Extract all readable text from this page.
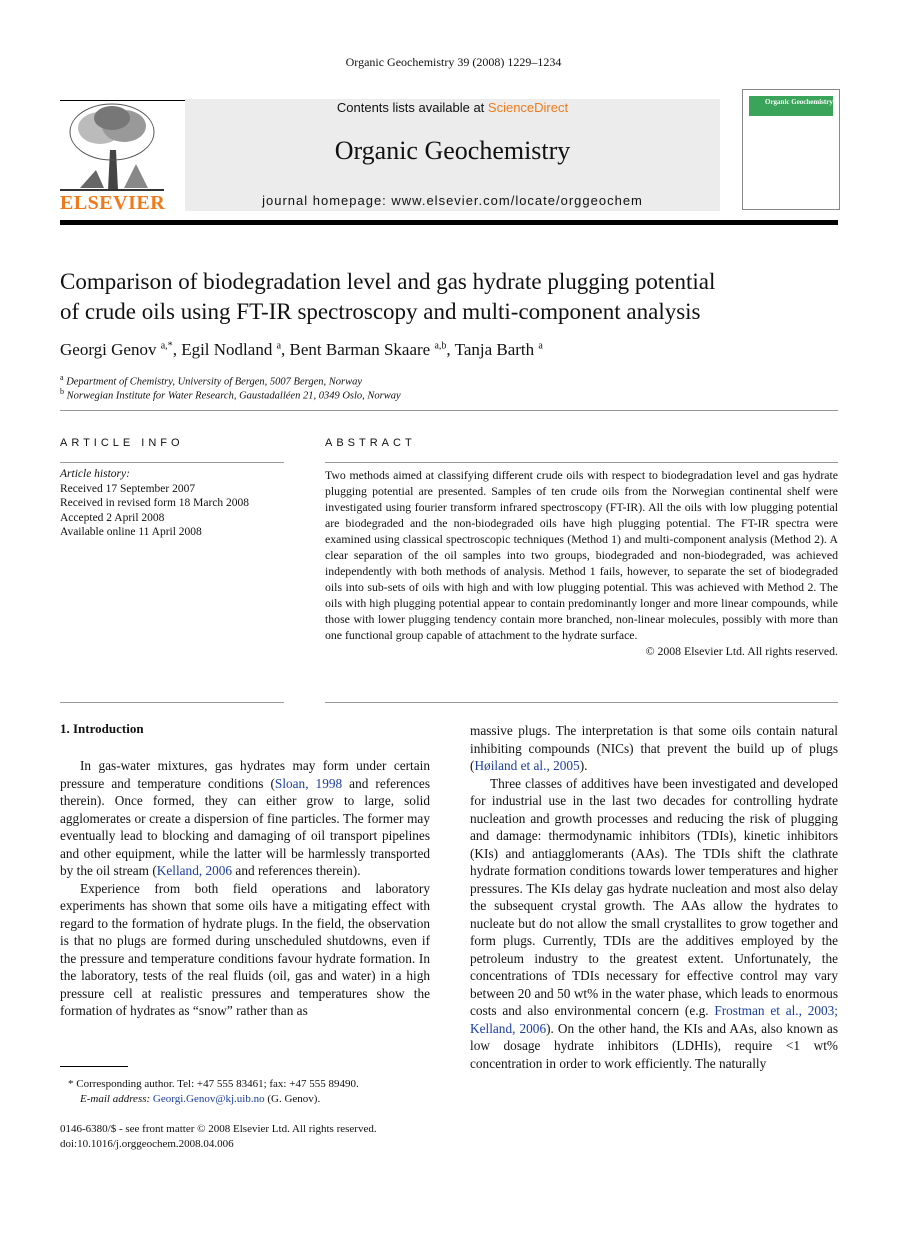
Organic Geochemistry 39 (2008) 1229–1234
ELSEVIER
Contents lists available at ScienceDirect
Organic Geochemistry
journal homepage: www.elsevier.com/locate/orggeochem
Organic Geochemistry
Comparison of biodegradation level and gas hydrate plugging potential
of crude oils using FT-IR spectroscopy and multi-component analysis
Georgi Genov $^{a,*}$, Egil Nodland $^a$, Bent Barman Skaare $^{a,b}$, Tanja Barth $^a$
$^a$ Department of Chemistry, University of Bergen, 5007 Bergen, Norway
$^b$ Norwegian Institute for Water Research, Gaustadalléen 21, 0349 Oslo, Norway
ARTICLE INFO
Article history:
Received 17 September 2007
Received in revised form 18 March 2008
Accepted 2 April 2008
Available online 11 April 2008
ABSTRACT
Two methods aimed at classifying different crude oils with respect to biodegradation level and gas hydrate plugging potential are presented. Samples of ten crude oils from the Norwegian continental shelf were investigated using fourier transform infrared spectroscopy (FT-IR). All the oils with low plugging potential are biodegraded and the non-biodegraded oils have high plugging potential. The FT-IR spectra were examined using classical spectroscopic techniques (Method 1) and multi-component analysis (Method 2). A clear separation of the oil samples into two groups, biodegraded and non-biodegraded, was achieved independently with both methods of analysis. Method 1 fails, however, to separate the set of biodegraded oils into sub-sets of oils with high and with low plugging potential. This was achieved with Method 2. The oils with high plugging potential appear to contain predominantly longer and more linear compounds, while those with lower plugging tendency contain more branched, non-linear molecules, possibly with more than one functional group capable of attachment to the hydrate surface.
© 2008 Elsevier Ltd. All rights reserved.
1. Introduction

In gas-water mixtures, gas hydrates may form under certain pressure and temperature conditions (Sloan, 1998 and references therein). Once formed, they can either grow to large, solid agglomerates or create a dispersion of fine particles. The former may eventually lead to blocking and damaging of oil transport pipelines and other equipment, while the latter will be harmlessly transported by the oil stream (Kelland, 2006 and references therein).

Experience from both field operations and laboratory experiments has shown that some oils have a mitigating effect with regard to the formation of hydrate plugs. In the field, the observation is that no plugs are formed during unscheduled shutdowns, even if the pressure and temperature conditions favour hydrate formation. In the laboratory, tests of the real fluids (oil, gas and water) in a high pressure cell at realistic pressures and temperatures show the formation of hydrates as “snow” rather than as

massive plugs. The interpretation is that some oils contain natural inhibiting compounds (NICs) that prevent the build up of plugs (Høiland et al., 2005).

Three classes of additives have been investigated and developed for industrial use in the last two decades for controlling hydrate nucleation and growth processes and reducing the risk of plugging and damage: thermodynamic inhibitors (TDIs), kinetic inhibitors (KIs) and antiagglomerants (AAs). The TDIs shift the clathrate hydrate formation conditions towards lower temperatures and higher pressures. The KIs delay gas hydrate nucleation and most also delay the subsequent crystal growth. The AAs allow the hydrates to nucleate but do not allow the small crystallites to grow together and form plugs. Currently, TDIs are the additives employed by the petroleum industry to the greatest extent. Unfortunately, the concentrations of TDIs necessary for effective control may vary between 20 and 50 wt% in the water phase, which leads to enormous costs and also environmental concern (e.g. Frostman et al., 2003; Kelland, 2006). On the other hand, the KIs and AAs, also known as low dosage hydrate inhibitors (LDHIs), require <1 wt% concentration in order to work efficiently. The naturally

* Corresponding author. Tel: +47 555 83461; fax: +47 555 89490.
E-mail address: Georgi.Genov@kj.uib.no (G. Genov).
0146-6380/$ - see front matter © 2008 Elsevier Ltd. All rights reserved.
doi:10.1016/j.orggeochem.2008.04.006
